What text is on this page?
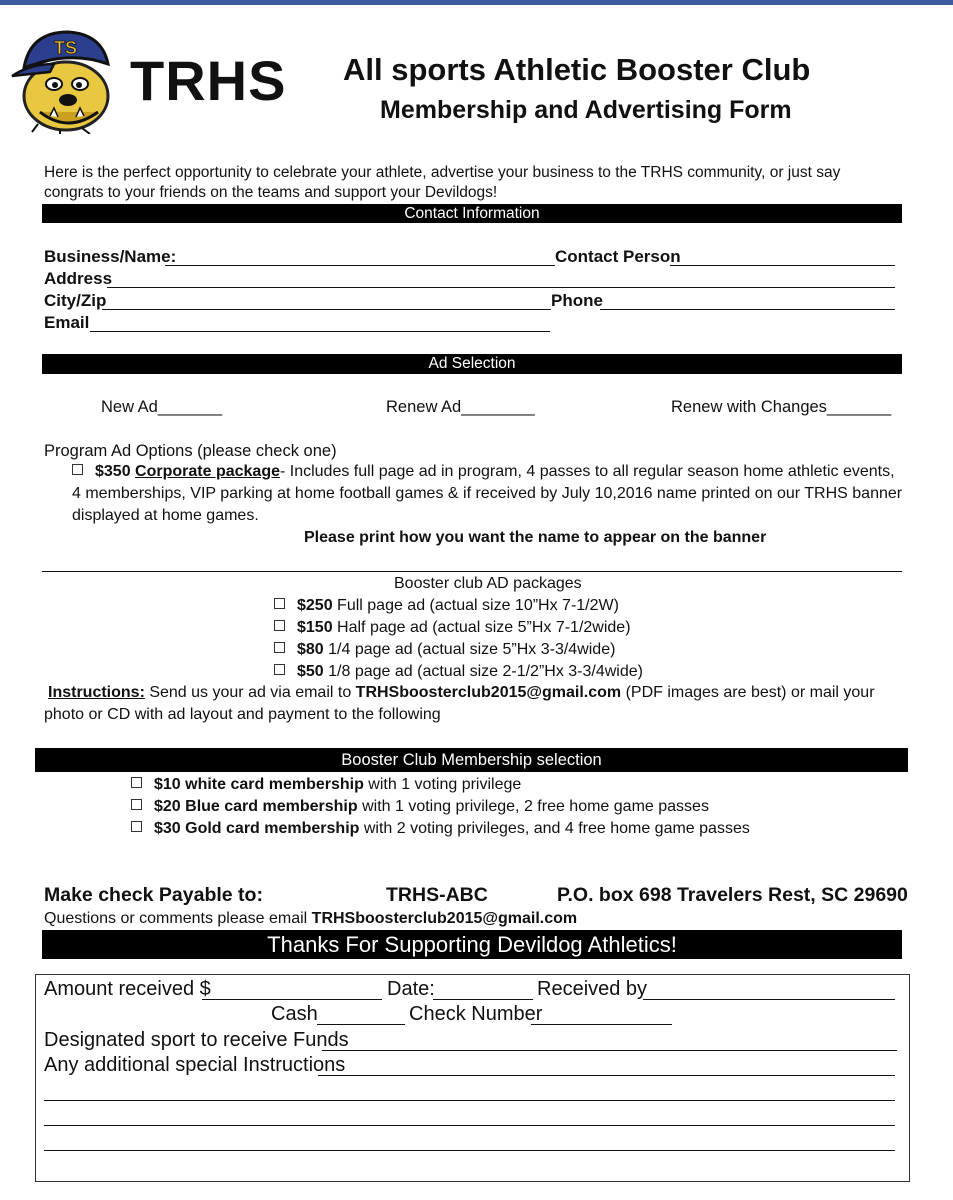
TS
TRHS All sports Athletic Booster Club
Membership and Advertising Form
Here is the perfect opportunity to celebrate your athlete, advertise your business to the TRHS community, or just say congrats to your friends on the teams and support your Devildogs!
Contact Information
Business/Name:	Contact Person
Address
City/Zip	Phone
Email
Ad Selection
New Ad_______	Renew Ad________	Renew with Changes_______
Program Ad Options (please check one)
$350 Corporate package- Includes full page ad in program, 4 passes to all regular season home athletic events,
4 memberships, VIP parking at home football games & if received by July 10,2016 name printed on our TRHS banner
displayed at home games.
Please print how you want the name to appear on the banner
Booster club AD packages
$250 Full page ad (actual size 10”Hx 7-1/2W)
$150 Half page ad (actual size 5”Hx 7-1/2wide)
$80 1/4 page ad (actual size 5”Hx 3-3/4wide)
$50 1/8 page ad (actual size 2-1/2”Hx 3-3/4wide)
Instructions: Send us your ad via email to TRHSboosterclub2015@gmail.com (PDF images are best) or mail your
photo or CD with ad layout and payment to the following
Booster Club Membership selection
$10 white card membership with 1 voting privilege
$20 Blue card membership with 1 voting privilege, 2 free home game passes
$30 Gold card membership with 2 voting privileges, and 4 free home game passes
Make check Payable to:	TRHS-ABC	P.O. box 698 Travelers Rest, SC 29690
Questions or comments please email TRHSboosterclub2015@gmail.com
Thanks For Supporting Devildog Athletics!
Amount received $	Date:	Received by
Cash	Check Number
Designated sport to receive Funds
Any additional special Instructions
